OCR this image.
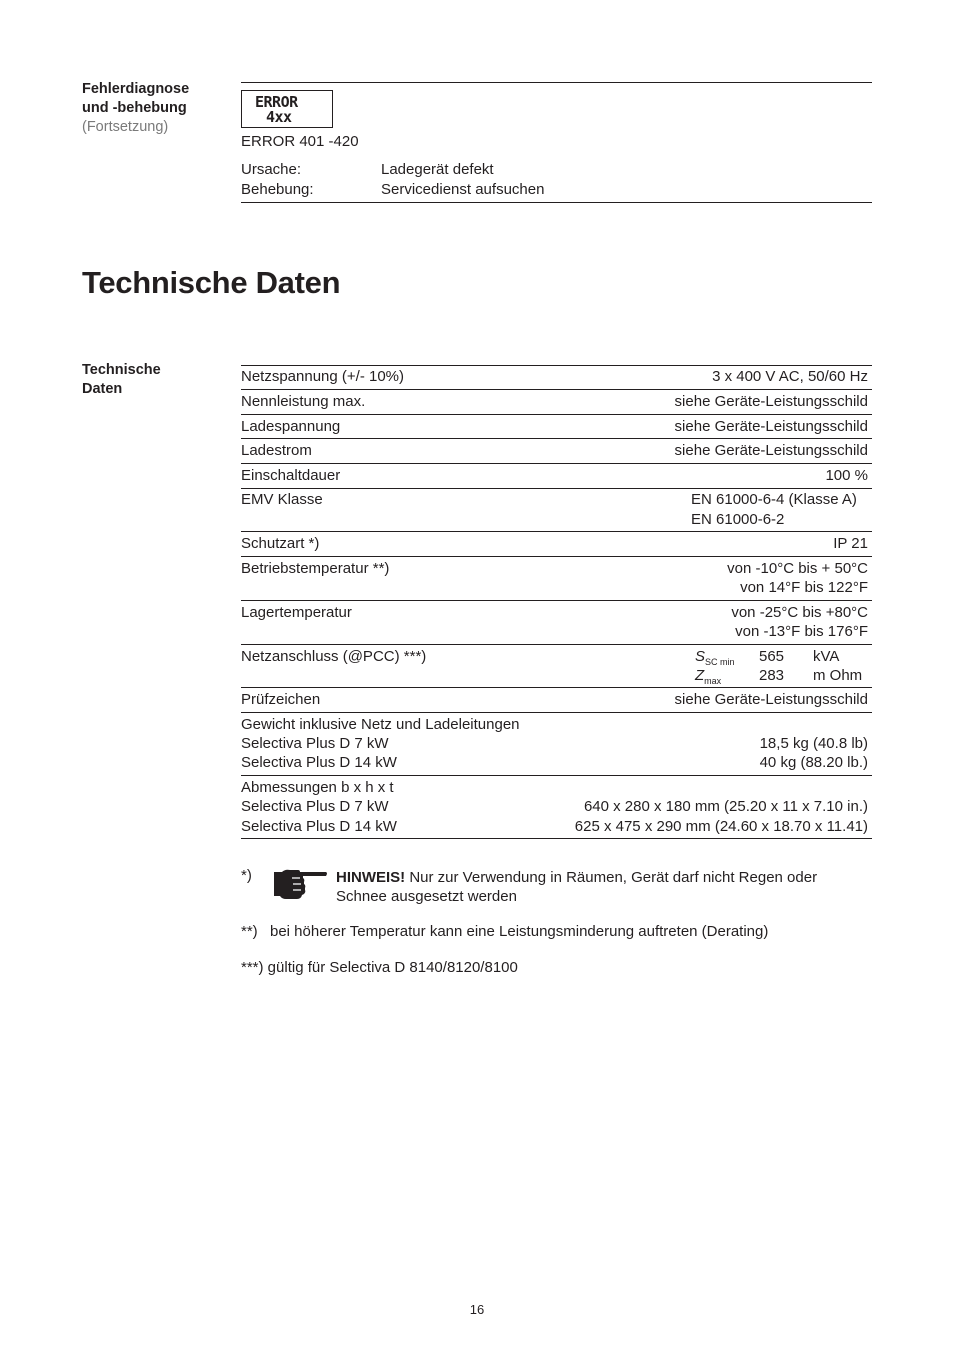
Fehlerdiagnose
und -behebung
(Fortsetzung)
ERROR
4xx
ERROR 401 -420
Ursache:	Ladegerät defekt
Behebung:	Servicedienst aufsuchen
Technische Daten
Technische
Daten
Netzspannung (+/- 10%)	3 x 400 V AC, 50/60 Hz
Nennleistung max.	siehe Geräte-Leistungsschild
Ladespannung	siehe Geräte-Leistungsschild
Ladestrom	siehe Geräte-Leistungsschild
Einschaltdauer	100 %
EMV Klasse	EN 61000-6-4 (Klasse A)
EN 61000-6-2
Schutzart *)	IP 21
Betriebstemperatur **)	von -10°C bis + 50°C
von 14°F bis 122°F
Lagertemperatur	von -25°C bis +80°C
von -13°F bis 176°F
Netzanschluss (@PCC) ***)	$S_{SC min}$ 565 kVA
$Z_{max}$	283 m Ohm
Prüfzeichen	siehe Geräte-Leistungsschild
Gewicht inklusive Netz und Ladeleitungen
Selectiva Plus D 7 kW	18,5 kg (40.8 lb)
Selectiva Plus D 14 kW	40 kg (88.20 lb.)
Abmessungen b x h x t
Selectiva Plus D 7 kW	640 x 280 x 180 mm (25.20 x 11 x 7.10 in.)
Selectiva Plus D 14 kW	625 x 475 x 290 mm (24.60 x 18.70 x 11.41)
*)	HINWEIS! Nur zur Verwendung in Räumen, Gerät darf nicht Regen oder
Schnee ausgesetzt werden
**) bei höherer Temperatur kann eine Leistungsminderung auftreten (Derating)
***) gültig für Selectiva D 8140/8120/8100
16
